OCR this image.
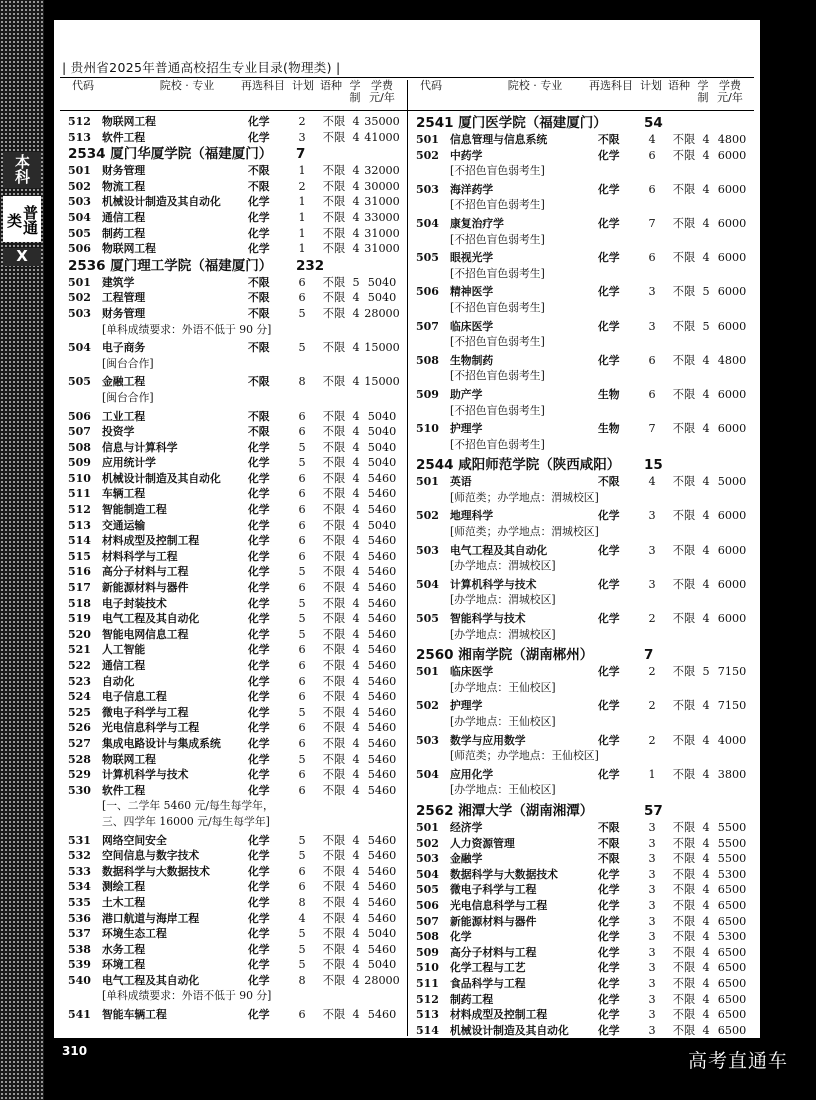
本科
普通类
X
| 贵州省2025年普通高校招生专业目录(物理类) |
代码	院校 · 专业	再选科目 计划 语种 学
制
学费
元/年
代码	院校 · 专业	再选科目 计划 语种 学
制
学费
元/年
512	物联网工程	化学	2	不限 4 35000
513	软件工程	化学	3	不限 4 41000
2534 厦门华厦学院（福建厦门） 7
501	财务管理	不限	1	不限 4 32000
502	物流工程	不限	2	不限 4 30000
503	机械设计制造及其自动化	化学	1	不限 4 31000
504	通信工程	化学	1	不限 4 33000
505	制药工程	化学	1	不限 4 31000
506	物联网工程	化学	1	不限 4 31000
2536 厦门理工学院（福建厦门） 232
501	建筑学	不限	6	不限 5 5040
502	工程管理	不限	6	不限 4 5040
503	财务管理	不限	5	不限 4 28000
[单科成绩要求：外语不低于 90 分]
504	电子商务	不限	5	不限 4 15000
[闽台合作]
505	金融工程	不限	8	不限 4 15000
[闽台合作]
506	工业工程	不限	6	不限 4 5040
507	投资学	不限	6	不限 4 5040
508	信息与计算科学	化学	5	不限 4 5040
509	应用统计学	化学	5	不限 4 5040
510	机械设计制造及其自动化	化学	6	不限 4 5460
511	车辆工程	化学	6	不限 4 5460
512	智能制造工程	化学	6	不限 4 5460
513	交通运输	化学	6	不限 4 5040
514	材料成型及控制工程	化学	6	不限 4 5460
515	材料科学与工程	化学	6	不限 4 5460
516	高分子材料与工程	化学	5	不限 4 5460
517	新能源材料与器件	化学	6	不限 4 5460
518	电子封装技术	化学	5	不限 4 5460
519	电气工程及其自动化	化学	5	不限 4 5460
520	智能电网信息工程	化学	5	不限 4 5460
521	人工智能	化学	6	不限 4 5460
522	通信工程	化学	6	不限 4 5460
523	自动化	化学	6	不限 4 5460
524	电子信息工程	化学	6	不限 4 5460
525	微电子科学与工程	化学	5	不限 4 5460
526	光电信息科学与工程	化学	6	不限 4 5460
527	集成电路设计与集成系统	化学	6	不限 4 5460
528	物联网工程	化学	5	不限 4 5460
529	计算机科学与技术	化学	6	不限 4 5460
530	软件工程	化学	6	不限 4 5460
[一、二学年 5460 元/每生每学年，
三、四学年 16000 元/每生每学年]
531	网络空间安全	化学	5	不限 4 5460
532	空间信息与数字技术	化学	5	不限 4 5460
533	数据科学与大数据技术	化学	6	不限 4 5460
534	测绘工程	化学	6	不限 4 5460
535	土木工程	化学	8	不限 4 5460
536	港口航道与海岸工程	化学	4	不限 4 5460
537	环境生态工程	化学	5	不限 4 5040
538	水务工程	化学	5	不限 4 5460
539	环境工程	化学	5	不限 4 5040
540	电气工程及其自动化	化学	8	不限 4 28000
[单科成绩要求：外语不低于 90 分]
541	智能车辆工程	化学	6	不限 4 5460
2541 厦门医学院（福建厦门）	54
501	信息管理与信息系统	不限	4	不限 4 4800
502	中药学	化学	6	不限 4 6000
[不招色盲色弱考生]
503	海洋药学	化学	6	不限 4 6000
[不招色盲色弱考生]
504	康复治疗学	化学	7	不限 4 6000
[不招色盲色弱考生]
505	眼视光学	化学	6	不限 4 6000
[不招色盲色弱考生]
506	精神医学	化学	3	不限 5 6000
[不招色盲色弱考生]
507	临床医学	化学	3	不限 5 6000
[不招色盲色弱考生]
508	生物制药	化学	6	不限 4 4800
[不招色盲色弱考生]
509	助产学	生物	6	不限 4 6000
[不招色盲色弱考生]
510	护理学	生物	7	不限 4 6000
[不招色盲色弱考生]
2544 咸阳师范学院（陕西咸阳） 15
501	英语	不限	4	不限 4 5000
[师范类；办学地点：渭城校区]
502	地理科学	化学	3	不限 4 6000
[师范类；办学地点：渭城校区]
503	电气工程及其自动化	化学	3	不限 4 6000
[办学地点：渭城校区]
504	计算机科学与技术	化学	3	不限 4 6000
[办学地点：渭城校区]
505	智能科学与技术	化学	2	不限 4 6000
[办学地点：渭城校区]
2560 湘南学院（湖南郴州）	7
501	临床医学	化学	2	不限 5 7150
[办学地点：王仙校区]
502	护理学	化学	2	不限 4 7150
[办学地点：王仙校区]
503	数学与应用数学	化学	2	不限 4 4000
[师范类；办学地点：王仙校区]
504	应用化学	化学	1	不限 4 3800
[办学地点：王仙校区]
2562 湘潭大学（湖南湘潭）	57
501	经济学	不限	3	不限 4 5500
502	人力资源管理	不限	3	不限 4 5500
503	金融学	不限	3	不限 4 5500
504	数据科学与大数据技术	化学	3	不限 4 5300
505	微电子科学与工程	化学	3	不限 4 6500
506	光电信息科学与工程	化学	3	不限 4 6500
507	新能源材料与器件	化学	3	不限 4 6500
508	化学	化学	3	不限 4 5300
509	高分子材料与工程	化学	3	不限 4 6500
510	化学工程与工艺	化学	3	不限 4 6500
511	食品科学与工程	化学	3	不限 4 6500
512	制药工程	化学	3	不限 4 6500
513	材料成型及控制工程	化学	3	不限 4 6500
514	机械设计制造及其自动化	化学	3	不限 4 6500
310	高考直通车
